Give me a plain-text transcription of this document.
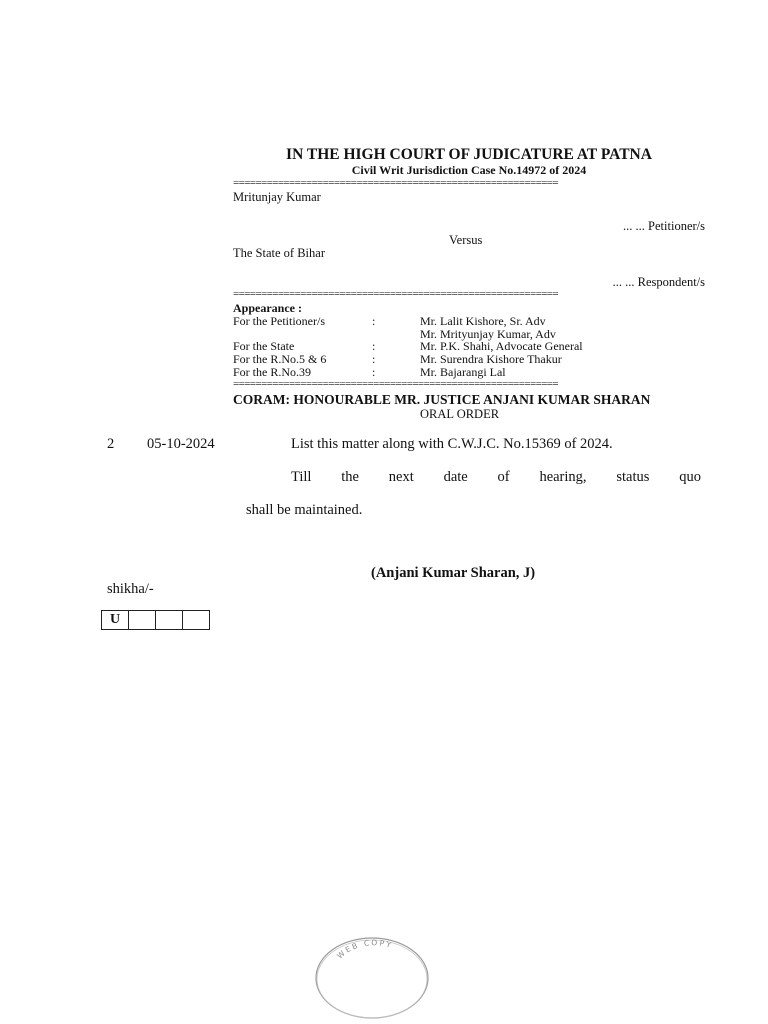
IN THE HIGH COURT OF JUDICATURE AT PATNA
Civil Writ Jurisdiction Case No.14972 of 2024
==========================================================
Mritunjay Kumar
... ... Petitioner/s
Versus
The State of Bihar
... ... Respondent/s
==========================================================
Appearance :
For the Petitioner/s	:	Mr. Lalit Kishore, Sr. Adv
Mr. Mrityunjay Kumar, Adv
For the State	:	Mr. P.K. Shahi, Advocate General
For the R.No.5 & 6	:	Mr. Surendra Kishore Thakur
For the R.No.39	:	Mr. Bajarangi Lal
==========================================================
CORAM: HONOURABLE MR. JUSTICE ANJANI KUMAR SHARAN
ORAL ORDER
2 05-10-2024	List this matter along with C.W.J.C. No.15369 of 2024.
Till the next date of hearing, status quo
shall be maintained.
(Anjani Kumar Sharan, J)
shikha/-
U			
WEB COPY
